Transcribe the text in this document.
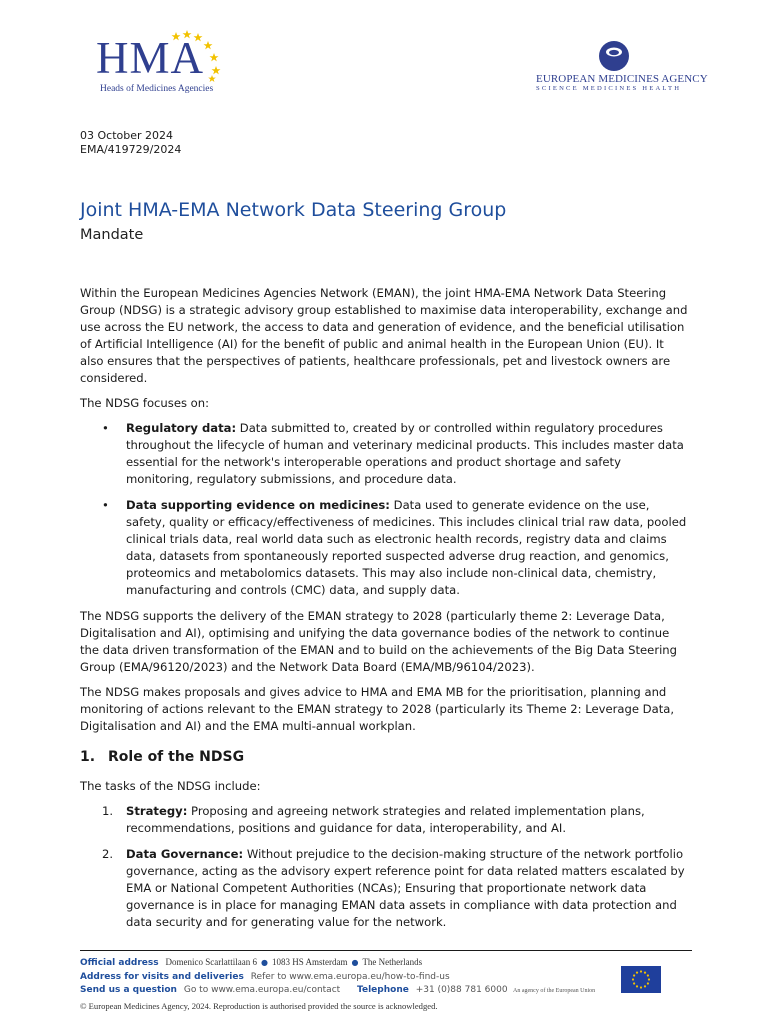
HMA
Heads of Medicines Agencies
EUROPEAN MEDICINES AGENCY
SCIENCE MEDICINES HEALTH
03 October 2024
EMA/419729/2024
Joint HMA-EMA Network Data Steering Group
Mandate

Within the European Medicines Agencies Network (EMAN), the joint HMA-EMA Network Data Steering Group (NDSG) is a strategic advisory group established to maximise data interoperability, exchange and use across the EU network, the access to data and generation of evidence, and the beneficial utilisation of Artificial Intelligence (AI) for the benefit of public and animal health in the European Union (EU). It also ensures that the perspectives of patients, healthcare professionals, pet and livestock owners are considered.

The NDSG focuses on:

• Regulatory data: Data submitted to, created by or controlled within regulatory procedures throughout the lifecycle of human and veterinary medicinal products. This includes master data essential for the network's interoperable operations and product shortage and safety monitoring, regulatory submissions, and procedure data.
• Data supporting evidence on medicines: Data used to generate evidence on the use, safety, quality or efficacy/effectiveness of medicines. This includes clinical trial raw data, pooled clinical trials data, real world data such as electronic health records, registry data and claims data, datasets from spontaneously reported suspected adverse drug reaction, and genomics, proteomics and metabolomics datasets. This may also include non-clinical data, chemistry, manufacturing and controls (CMC) data, and supply data.

The NDSG supports the delivery of the EMAN strategy to 2028 (particularly theme 2: Leverage Data, Digitalisation and AI), optimising and unifying the data governance bodies of the network to continue the data driven transformation of the EMAN and to build on the achievements of the Big Data Steering Group (EMA/96120/2023) and the Network Data Board (EMA/MB/96104/2023).

The NDSG makes proposals and gives advice to HMA and EMA MB for the prioritisation, planning and monitoring of actions relevant to the EMAN strategy to 2028 (particularly its Theme 2: Leverage Data, Digitalisation and AI) and the EMA multi-annual workplan.

1. Role of the NDSG

The tasks of the NDSG include:

1. Strategy: Proposing and agreeing network strategies and related implementation plans, recommendations, positions and guidance for data, interoperability, and AI.
2. Data Governance: Without prejudice to the decision-making structure of the network portfolio governance, acting as the advisory expert reference point for data related matters escalated by EMA or National Competent Authorities (NCAs); Ensuring that proportionate network data governance is in place for managing EMAN data assets in compliance with data protection and data security and for generating value for the network.
Official address Domenico Scarlattilaan 6 ● 1083 HS Amsterdam ● The Netherlands
Address for visits and deliveries Refer to www.ema.europa.eu/how-to-find-us
Send us a question Go to www.ema.europa.eu/contact Telephone +31 (0)88 781 6000 An agency of the European Union
© European Medicines Agency, 2024. Reproduction is authorised provided the source is acknowledged.
